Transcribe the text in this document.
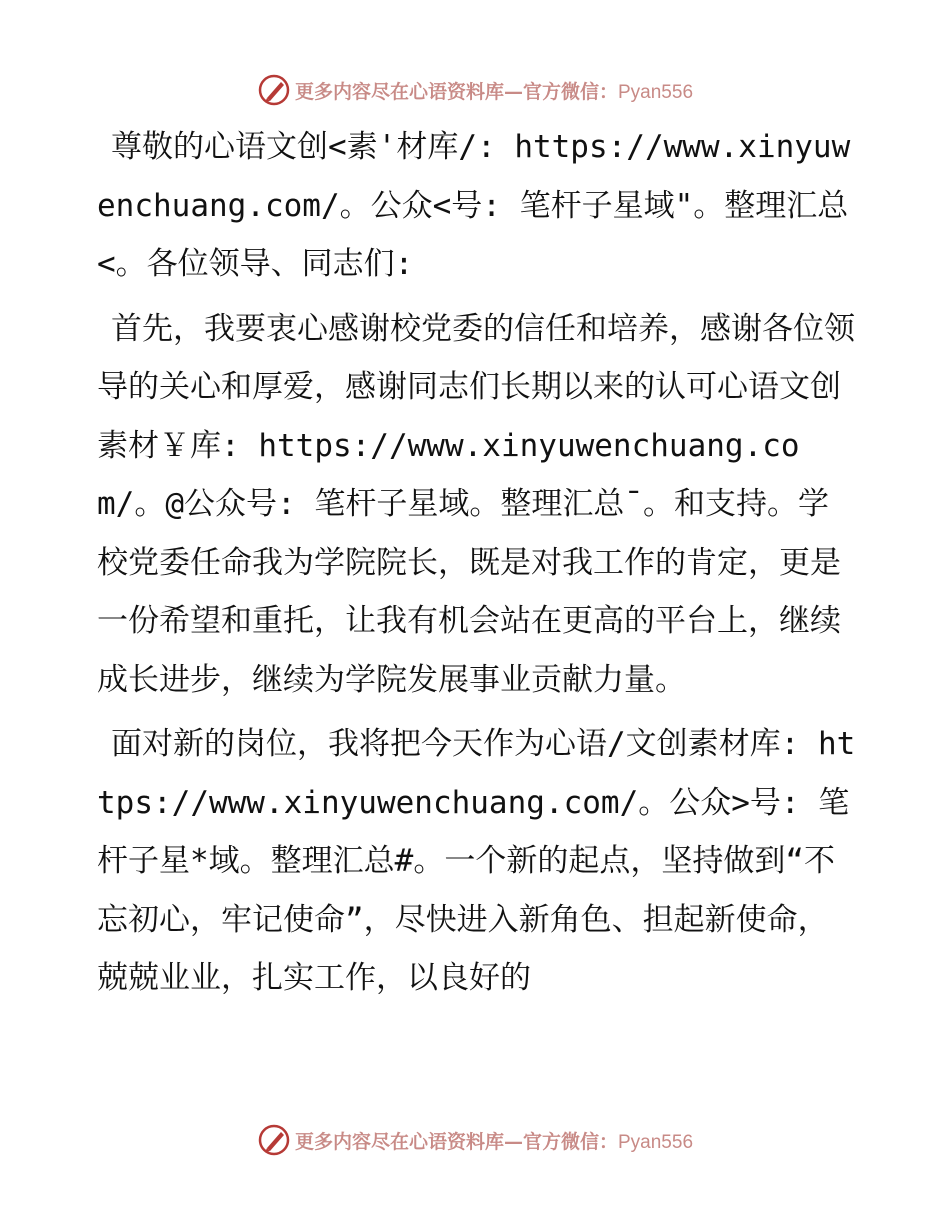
更多内容尽在心语资料库—官方微信：Pyan556

尊敬的心语文创<素'材库/: https://www.xinyuwenchuang.com/。公众<号: 笔杆子星域"。整理汇总<。各位领导、同志们:

首先，我要衷心感谢校党委的信任和培养，感谢各位领导的关心和厚爱，感谢同志们长期以来的认可心语文创素材￥库: https://www.xinyuwenchuang.com/。@公众号: 笔杆子星域。整理汇总¯。和支持。学校党委任命我为学院院长，既是对我工作的肯定，更是一份希望和重托，让我有机会站在更高的平台上，继续成长进步，继续为学院发展事业贡献力量。

面对新的岗位，我将把今天作为心语/文创素材库: https://www.xinyuwenchuang.com/。公众>号: 笔杆子星*域。整理汇总#。一个新的起点，坚持做到“不忘初心，牢记使命”，尽快进入新角色、担起新使命，兢兢业业，扎实工作，以良好的

更多内容尽在心语资料库—官方微信：Pyan556
